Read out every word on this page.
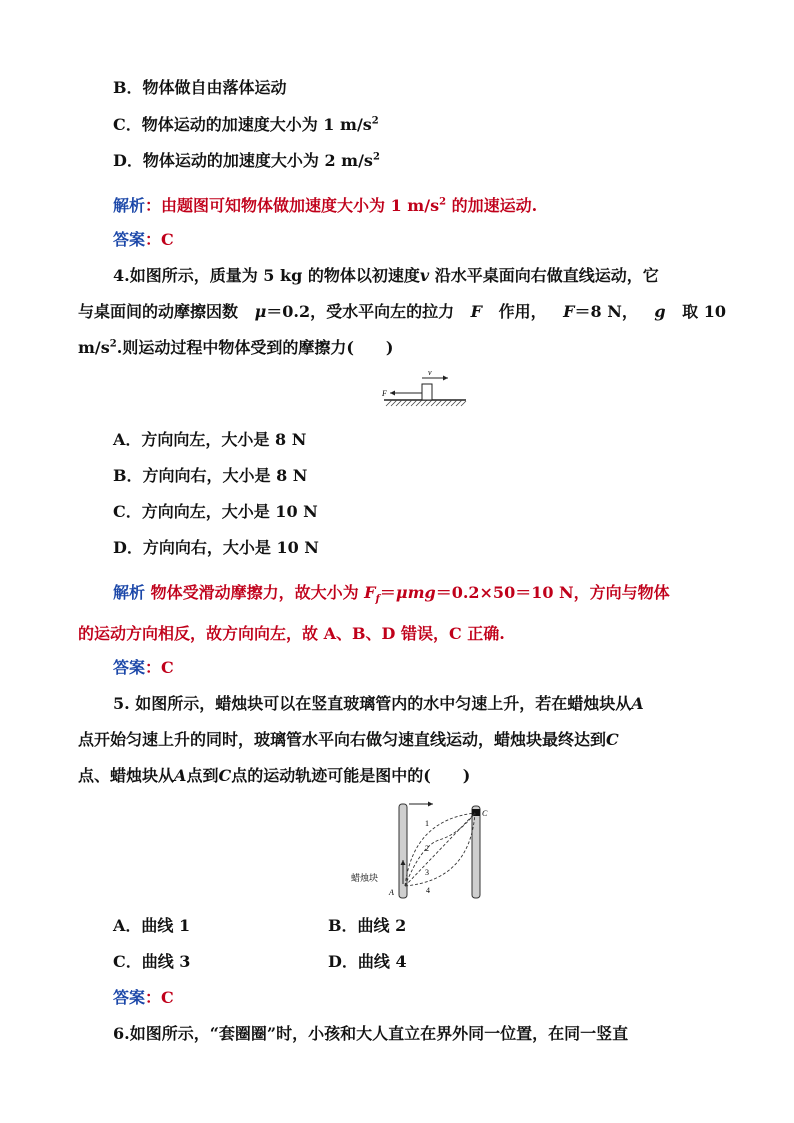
B．物体做自由落体运动
C．物体运动的加速度大小为 1 $m/s^2$
D．物体运动的加速度大小为 2 $m/s^2$
解析：由题图可知物体做加速度大小为 1 $m/s^2$ 的加速运动.
答案：C
4.如图所示，质量为 5 kg 的物体以初速度v 沿水平桌面向右做直线运动，它
与桌面间的动摩擦因数 μ＝0.2，受水平向左的拉力 F 作用， F＝8 N， g 取 10
$m/s^2$.则运动过程中物体受到的摩擦力(　　)
F
v
A．方向向左，大小是 8 N
B．方向向右，大小是 8 N
C．方向向左，大小是 10 N
D．方向向右，大小是 10 N
解析 物体受滑动摩擦力，故大小为 $F_f=\mu mg=0.2\times 50=10$ N，方向与物体
的运动方向相反，故方向向左，故 A、B、D 错误，C 正确.
答案：C
5. 如图所示，蜡烛块可以在竖直玻璃管内的水中匀速上升，若在蜡烛块从A
点开始匀速上升的同时，玻璃管水平向右做匀速直线运动，蜡烛块最终达到C
点、蜡烛块从A点到C点的运动轨迹可能是图中的(　　)
1
2
3
4
A
C
蜡烛块
A．曲线 1	B．曲线 2
C．曲线 3	D．曲线 4
答案：C
6.如图所示，“套圈圈”时，小孩和大人直立在界外同一位置，在同一竖直
